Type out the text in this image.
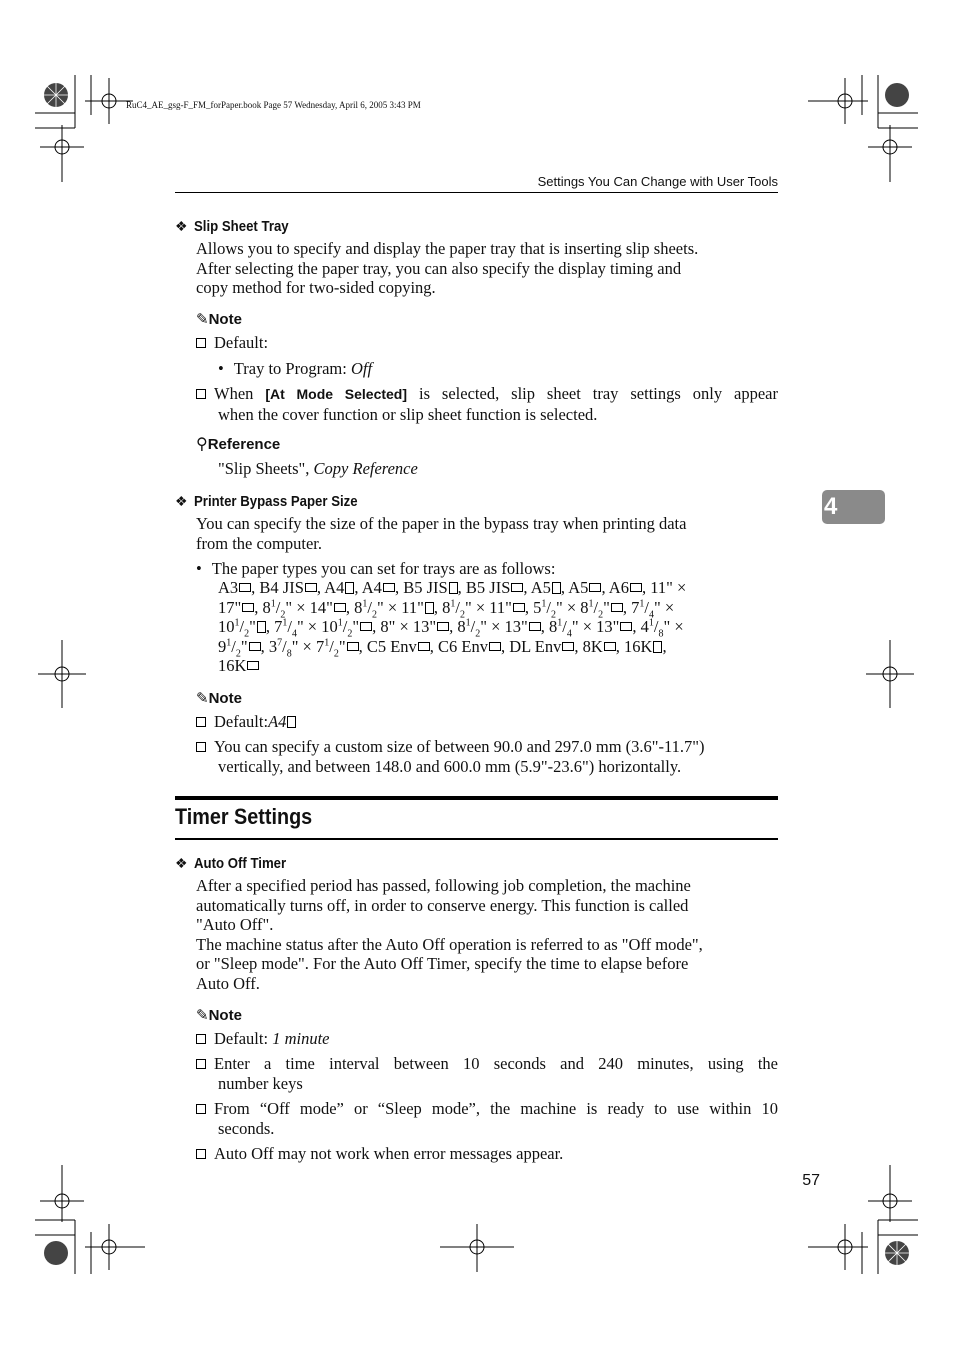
RuC4_AE_gsg-F_FM_forPaper.book Page 57 Wednesday, April 6, 2005 3:43 PM
Settings You Can Change with User Tools
4
❖ Slip Sheet Tray
Allows you to specify and display the paper tray that is inserting slip sheets.
After selecting the paper tray, you can also specify the display timing and
copy method for two-sided copying.
✎Note
Default:
• Tray to Program: Off
When [At Mode Selected] is selected, slip sheet tray settings only appear
when the cover function or slip sheet function is selected.
⚲Reference
"Slip Sheets", Copy Reference
❖ Printer Bypass Paper Size
You can specify the size of the paper in the bypass tray when printing data
from the computer.
• The paper types you can set for trays are as follows:
A3 , B4 JIS , A4 , A4 , B5 JIS , B5 JIS , A5 , A5 , A6 , 11" ×
17" , $8^1/_2$" × 14" , $8^1/_2$" × 11" , $8^1/_2$" × 11" , $5^1/_2$" × $8^1/_2$" , $7^1/_4$" ×
$10^1/_2$" , $7^1/_4$" × $10^1/_2$" , 8" × 13" , $8^1/_2$" × 13" , $8^1/_4$" × 13" , $4^1/_8$" ×
$9^1/_2$" , $3^7/_8$" × $7^1/_2$" , C5 Env , C6 Env , DL Env , 8K , 16K ,
16K
✎Note
Default:A4
You can specify a custom size of between 90.0 and 297.0 mm (3.6"-11.7")
vertically, and between 148.0 and 600.0 mm (5.9"-23.6") horizontally.
Timer Settings
❖ Auto Off Timer
After a specified period has passed, following job completion, the machine
automatically turns off, in order to conserve energy. This function is called
"Auto Off".
The machine status after the Auto Off operation is referred to as "Off mode",
or "Sleep mode". For the Auto Off Timer, specify the time to elapse before
Auto Off.
✎Note
Default: 1 minute
Enter a time interval between 10 seconds and 240 minutes, using the
number keys
From “Off mode” or “Sleep mode”, the machine is ready to use within 10
seconds.
Auto Off may not work when error messages appear.
57
